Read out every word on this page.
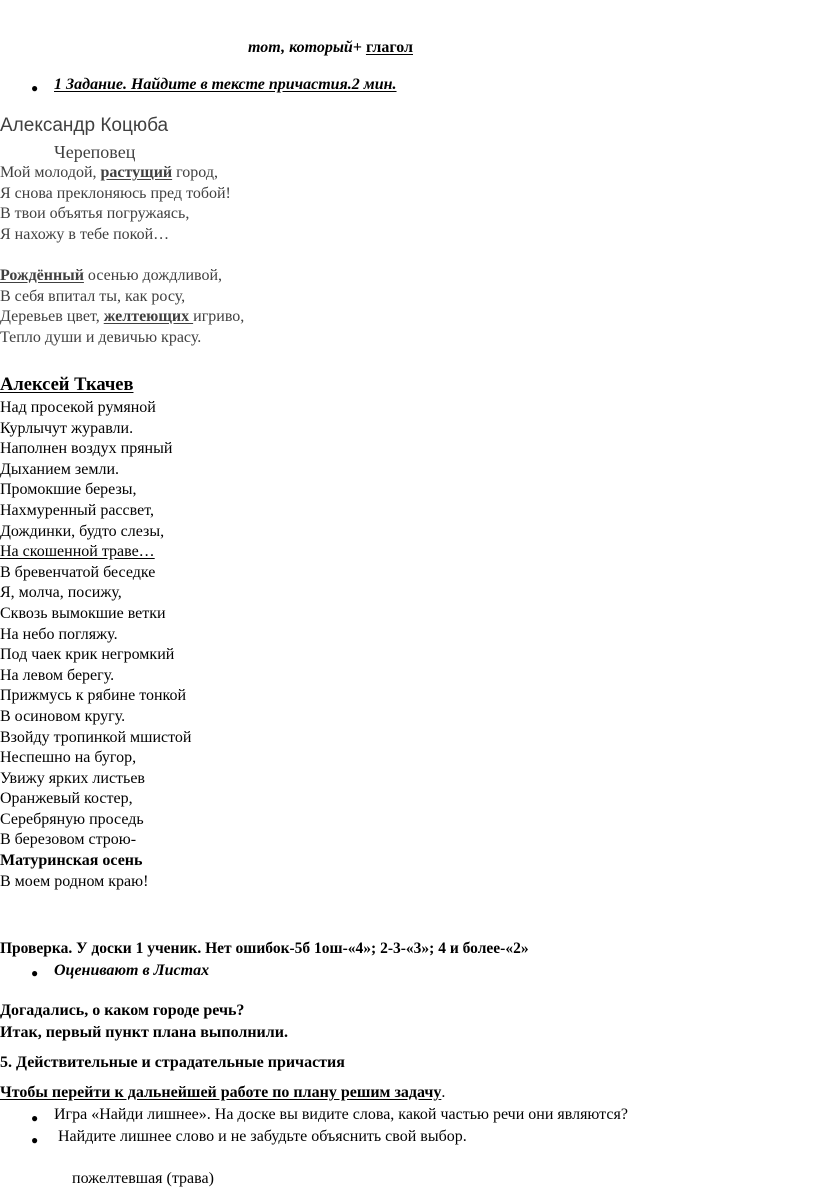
тот, который+ глагол
● 1 Задание. Найдите в тексте причастия.2 мин.
Александр Коцюба
Череповец
Мой молодой, растущий город,
Я снова преклоняюсь пред тобой!
В твои объятья погружаясь,
Я нахожу в тебе покой…

Рождённый осенью дождливой,
В себя впитал ты, как росу,
Деревьев цвет, желтеющих игриво,
Тепло души и девичью красу.
Алексей Ткачев
Над просекой румяной
Курлычут журавли.
Наполнен воздух пряный
Дыханием земли.
Промокшие березы,
Нахмуренный рассвет,
Дождинки, будто слезы,
На скошенной траве…
В бревенчатой беседке
Я, молча, посижу,
Сквозь вымокшие ветки
На небо погляжу.
Под чаек крик негромкий
На левом берегу.
Прижмусь к рябине тонкой
В осиновом кругу.
Взойду тропинкой мшистой
Неспешно на бугор,
Увижу ярких листьев
Оранжевый костер,
Серебряную проседь
В березовом строю-
Матуринская осень
В моем родном краю!
Проверка. У доски 1 ученик. Нет ошибок-5б 1ош-«4»; 2-3-«3»; 4 и более-«2»
● Оценивают в Листах
Догадались, о каком городе речь?
Итак, первый пункт плана выполнили.
5. Действительные и страдательные причастия
Чтобы перейти к дальнейшей работе по плану решим задачу.
● Игра «Найди лишнее». На доске вы видите слова, какой частью речи они являются?
● Найдите лишнее слово и не забудьте объяснить свой выбор.
пожелтевшая (трава)
